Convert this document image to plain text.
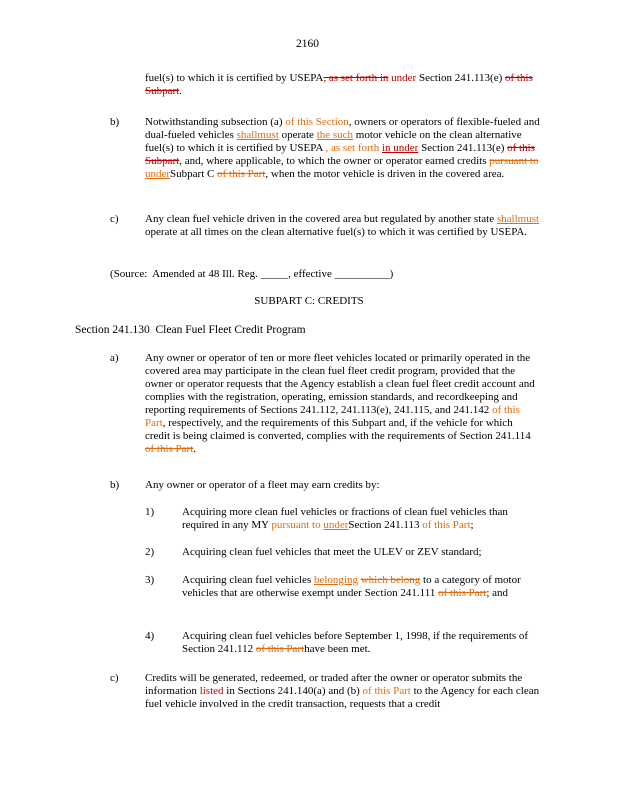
2160
fuel(s) to which it is certified by USEPA, as set forth in under Section 241.113(e) of this Subpart.
b) Notwithstanding subsection (a) of this Section, owners or operators of flexible-fueled and dual-fueled vehicles shallmust operate the such motor vehicle on the clean alternative fuel(s) to which it is certified by USEPA , as set forth in under Section 241.113(e) of this Subpart, and, where applicable, to which the owner or operator earned credits pursuant to underSubpart C of this Part, when the motor vehicle is driven in the covered area.
c) Any clean fuel vehicle driven in the covered area but regulated by another state shallmust operate at all times on the clean alternative fuel(s) to which it was certified by USEPA.
(Source:  Amended at 48 Ill. Reg. _____, effective __________)
SUBPART C: CREDITS
Section 241.130  Clean Fuel Fleet Credit Program
a) Any owner or operator of ten or more fleet vehicles located or primarily operated in the covered area may participate in the clean fuel fleet credit program, provided that the owner or operator requests that the Agency establish a clean fuel fleet credit account and complies with the registration, operating, emission standards, and recordkeeping and reporting requirements of Sections 241.112, 241.113(e), 241.115, and 241.142 of this Part, respectively, and the requirements of this Subpart and, if the vehicle for which credit is being claimed is converted, complies with the requirements of Section 241.114 of this Part.
b) Any owner or operator of a fleet may earn credits by:
1)	Acquiring more clean fuel vehicles or fractions of clean fuel vehicles than required in any MY pursuant to underSection 241.113 of this Part;
2)	Acquiring clean fuel vehicles that meet the ULEV or ZEV standard;
3)	Acquiring clean fuel vehicles belonging which belong to a category of motor vehicles that are otherwise exempt under Section 241.111 of this Part; and
4)	Acquiring clean fuel vehicles before September 1, 1998, if the requirements of Section 241.112 of this Parthave been met.
c) Credits will be generated, redeemed, or traded after the owner or operator submits the information listed in Sections 241.140(a) and (b) of this Part to the Agency for each clean fuel vehicle involved in the credit transaction, requests that a credit
